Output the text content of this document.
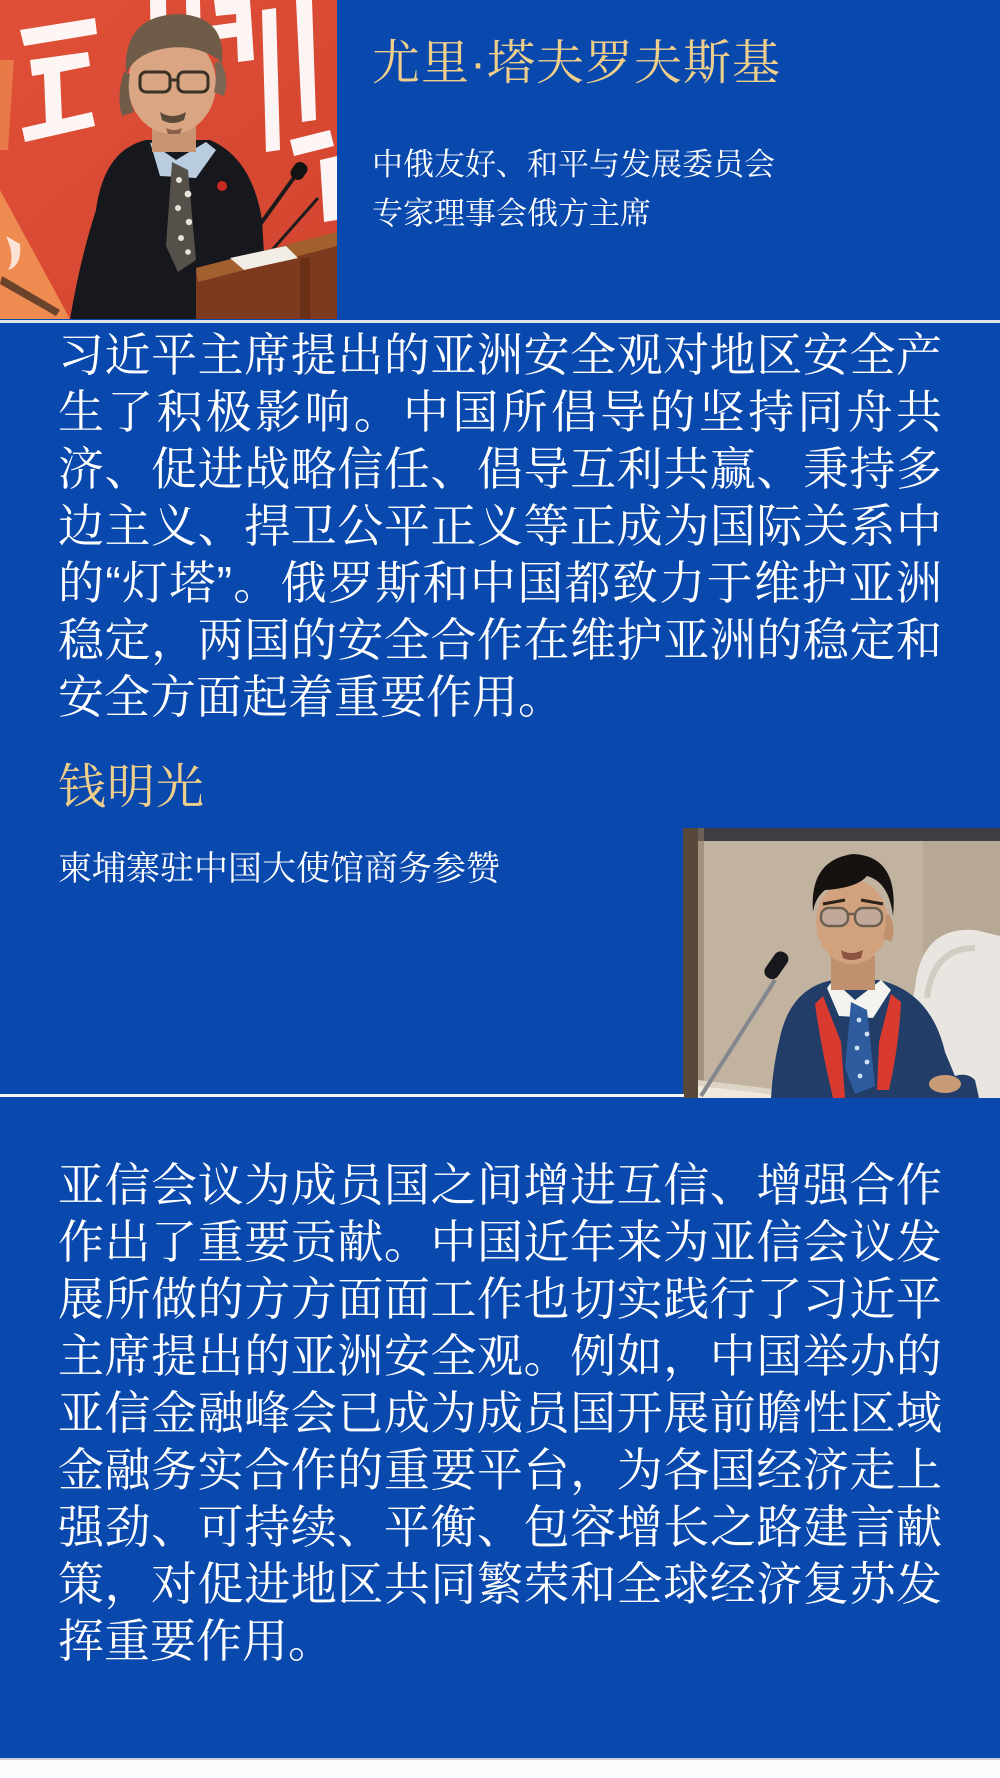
尤里·塔夫罗夫斯基
中俄友好、和平与发展委员会
专家理事会俄方主席

习近平主席提出的亚洲安全观对地区安全产生了积极影响。中国所倡导的坚持同舟共济、促进战略信任、倡导互利共赢、秉持多边主义、捍卫公平正义等正成为国际关系中的“灯塔”。俄罗斯和中国都致力于维护亚洲稳定，两国的安全合作在维护亚洲的稳定和安全方面起着重要作用。

钱明光
柬埔寨驻中国大使馆商务参赞

亚信会议为成员国之间增进互信、增强合作作出了重要贡献。中国近年来为亚信会议发展所做的方方面面工作也切实践行了习近平主席提出的亚洲安全观。例如，中国举办的亚信金融峰会已成为成员国开展前瞻性区域金融务实合作的重要平台，为各国经济走上强劲、可持续、平衡、包容增长之路建言献策，对促进地区共同繁荣和全球经济复苏发挥重要作用。
